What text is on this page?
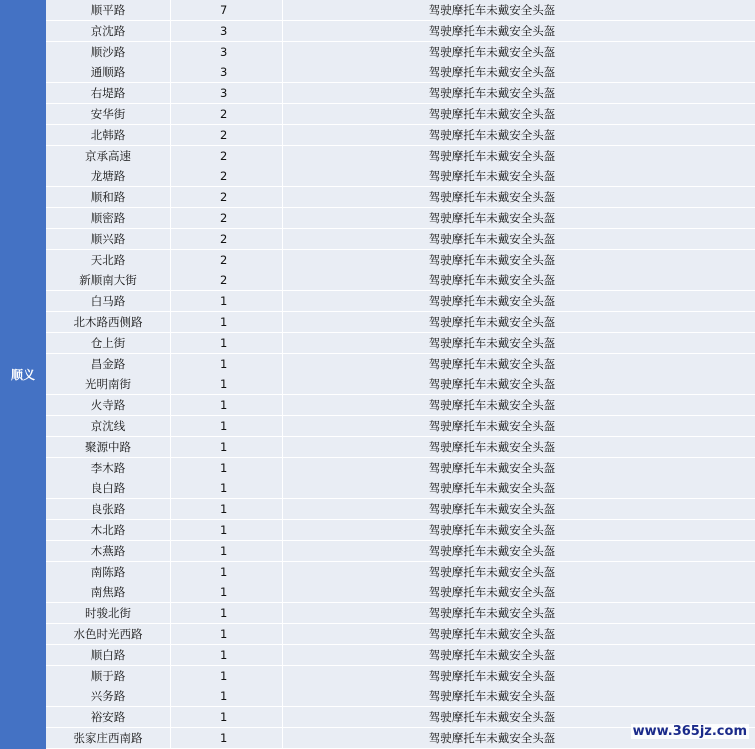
顺义
顺平路	7	驾驶摩托车未戴安全头盔
京沈路	3	驾驶摩托车未戴安全头盔
顺沙路	3	驾驶摩托车未戴安全头盔
通顺路	3	驾驶摩托车未戴安全头盔
右堤路	3	驾驶摩托车未戴安全头盔
安华街	2	驾驶摩托车未戴安全头盔
北韩路	2	驾驶摩托车未戴安全头盔
京承高速	2	驾驶摩托车未戴安全头盔
龙塘路	2	驾驶摩托车未戴安全头盔
顺和路	2	驾驶摩托车未戴安全头盔
顺密路	2	驾驶摩托车未戴安全头盔
顺兴路	2	驾驶摩托车未戴安全头盔
天北路	2	驾驶摩托车未戴安全头盔
新顺南大街	2	驾驶摩托车未戴安全头盔
白马路	1	驾驶摩托车未戴安全头盔
北木路西侧路	1	驾驶摩托车未戴安全头盔
仓上街	1	驾驶摩托车未戴安全头盔
昌金路	1	驾驶摩托车未戴安全头盔
光明南街	1	驾驶摩托车未戴安全头盔
火寺路	1	驾驶摩托车未戴安全头盔
京沈线	1	驾驶摩托车未戴安全头盔
聚源中路	1	驾驶摩托车未戴安全头盔
李木路	1	驾驶摩托车未戴安全头盔
良白路	1	驾驶摩托车未戴安全头盔
良张路	1	驾驶摩托车未戴安全头盔
木北路	1	驾驶摩托车未戴安全头盔
木燕路	1	驾驶摩托车未戴安全头盔
南陈路	1	驾驶摩托车未戴安全头盔
南焦路	1	驾驶摩托车未戴安全头盔
时骏北街	1	驾驶摩托车未戴安全头盔
水色时光西路	1	驾驶摩托车未戴安全头盔
顺白路	1	驾驶摩托车未戴安全头盔
顺于路	1	驾驶摩托车未戴安全头盔
兴务路	1	驾驶摩托车未戴安全头盔
裕安路	1	驾驶摩托车未戴安全头盔
张家庄西南路	1	驾驶摩托车未戴安全头盔	www.365jz.com
